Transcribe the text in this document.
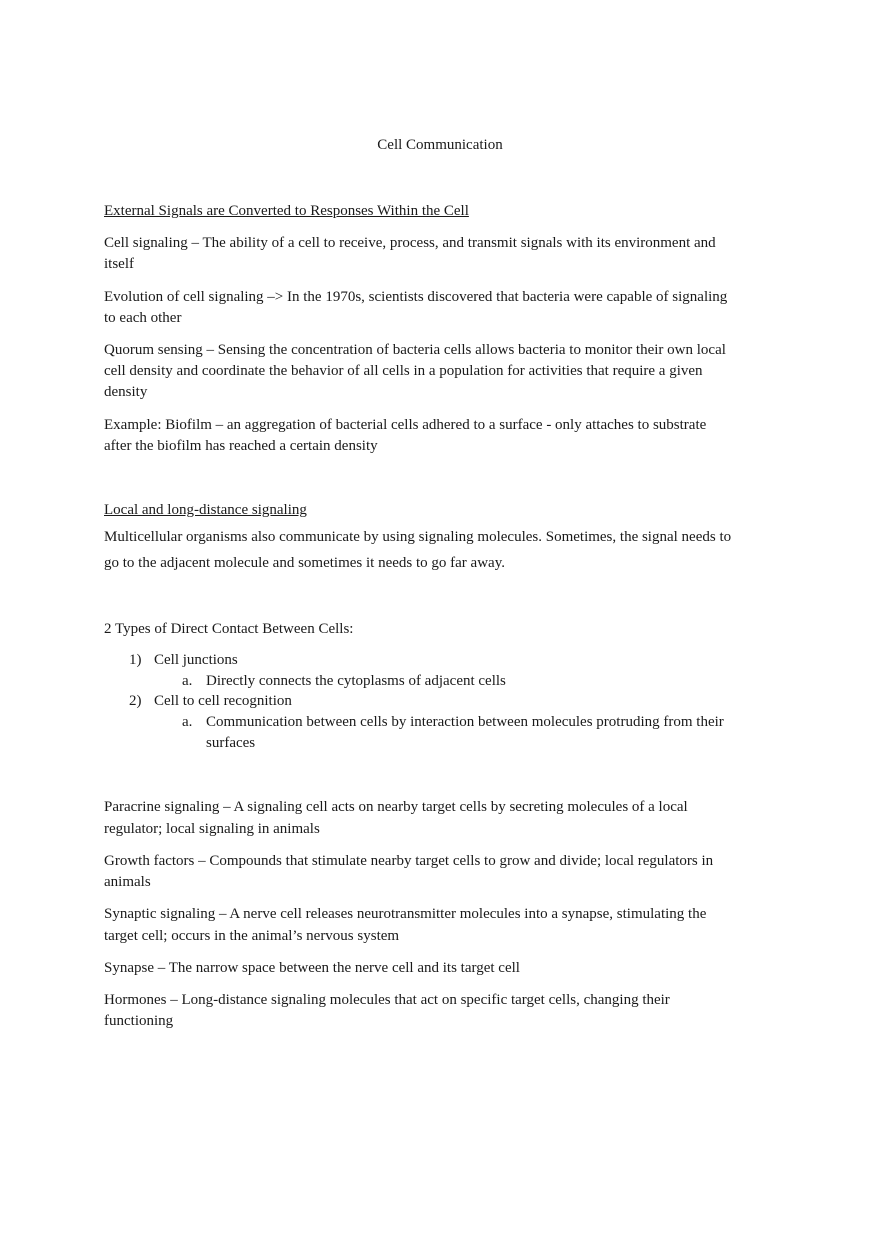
Cell Communication
External Signals are Converted to Responses Within the Cell
Cell signaling – The ability of a cell to receive, process, and transmit signals with its environment and
itself
Evolution of cell signaling –> In the 1970s, scientists discovered that bacteria were capable of signaling
to each other
Quorum sensing – Sensing the concentration of bacteria cells allows bacteria to monitor their own local
cell density and coordinate the behavior of all cells in a population for activities that require a given
density
Example: Biofilm – an aggregation of bacterial cells adhered to a surface - only attaches to substrate
after the biofilm has reached a certain density
Local and long-distance signaling
Multicellular organisms also communicate by using signaling molecules. Sometimes, the signal needs to
go to the adjacent molecule and sometimes it needs to go far away.
2 Types of Direct Contact Between Cells:
1) Cell junctions
a. Directly connects the cytoplasms of adjacent cells
2) Cell to cell recognition
a. Communication between cells by interaction between molecules protruding from their
surfaces
Paracrine signaling – A signaling cell acts on nearby target cells by secreting molecules of a local
regulator; local signaling in animals
Growth factors – Compounds that stimulate nearby target cells to grow and divide; local regulators in
animals
Synaptic signaling – A nerve cell releases neurotransmitter molecules into a synapse, stimulating the
target cell; occurs in the animal’s nervous system
Synapse – The narrow space between the nerve cell and its target cell
Hormones – Long-distance signaling molecules that act on specific target cells, changing their
functioning
